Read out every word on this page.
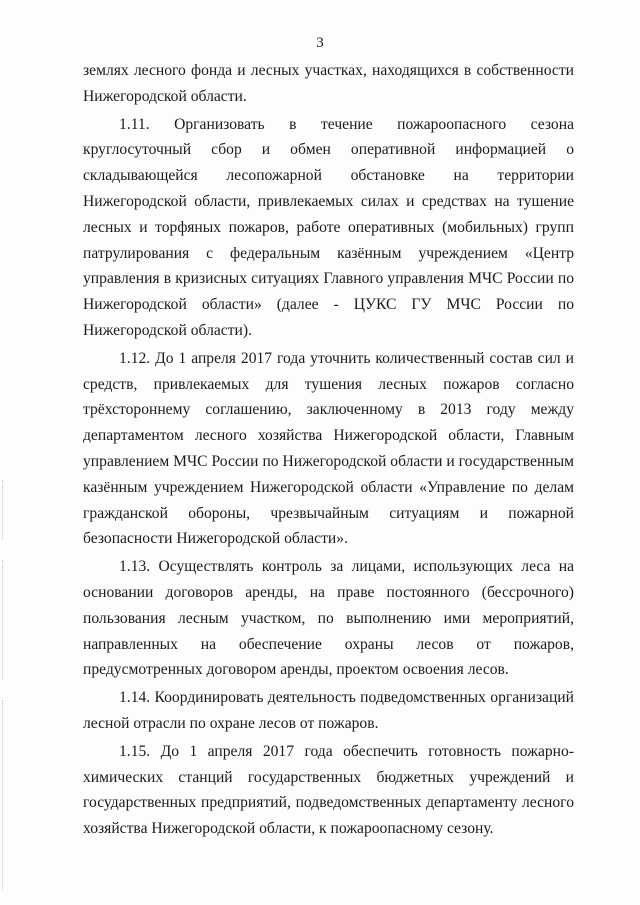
3

землях лесного фонда и лесных участках, находящихся в собственности Нижегородской области.

1.11. Организовать в течение пожароопасного сезона круглосуточный сбор и обмен оперативной информацией о складывающейся лесопожарной обстановке на территории Нижегородской области, привлекаемых силах и средствах на тушение лесных и торфяных пожаров, работе оперативных (мобильных) групп патрулирования с федеральным казённым учреждением «Центр управления в кризисных ситуациях Главного управления МЧС России по Нижегородской области» (далее - ЦУКС ГУ МЧС России по Нижегородской области).

1.12. До 1 апреля 2017 года уточнить количественный состав сил и средств, привлекаемых для тушения лесных пожаров согласно трёхстороннему соглашению, заключенному в 2013 году между департаментом лесного хозяйства Нижегородской области, Главным управлением МЧС России по Нижегородской области и государственным казённым учреждением Нижегородской области «Управление по делам гражданской обороны, чрезвычайным ситуациям и пожарной безопасности Нижегородской области».

1.13. Осуществлять контроль за лицами, использующих леса на основании договоров аренды, на праве постоянного (бессрочного) пользования лесным участком, по выполнению ими мероприятий, направленных на обеспечение охраны лесов от пожаров, предусмотренных договором аренды, проектом освоения лесов.

1.14. Координировать деятельность подведомственных организаций лесной отрасли по охране лесов от пожаров.

1.15. До 1 апреля 2017 года обеспечить готовность пожарно-химических станций государственных бюджетных учреждений и государственных предприятий, подведомственных департаменту лесного хозяйства Нижегородской области, к пожароопасному сезону.
